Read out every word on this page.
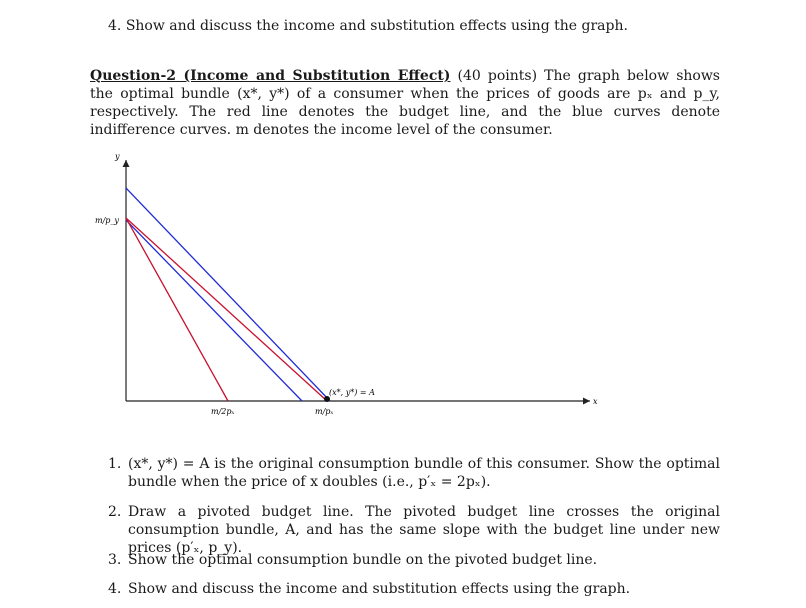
4. Show and discuss the income and substitution effects using the graph.
Question-2 (Income and Substitution Effect) (40 points) The graph below shows the optimal bundle (x*, y*) of a consumer when the prices of goods are pₓ and p_y, respectively. The red line denotes the budget line, and the blue curves denote indifference curves. m denotes the income level of the consumer.
y
x
m/p_y
m/2pₓ	m/pₓ
(x*, y*) = A
1. (x*, y*) = A is the original consumption bundle of this consumer. Show the optimal bundle when the price of x doubles (i.e., p′ₓ = 2pₓ).
2. Draw a pivoted budget line. The pivoted budget line crosses the original consumption bundle, A, and has the same slope with the budget line under new prices (p′ₓ, p_y).
3. Show the optimal consumption bundle on the pivoted budget line.
4. Show and discuss the income and substitution effects using the graph.
